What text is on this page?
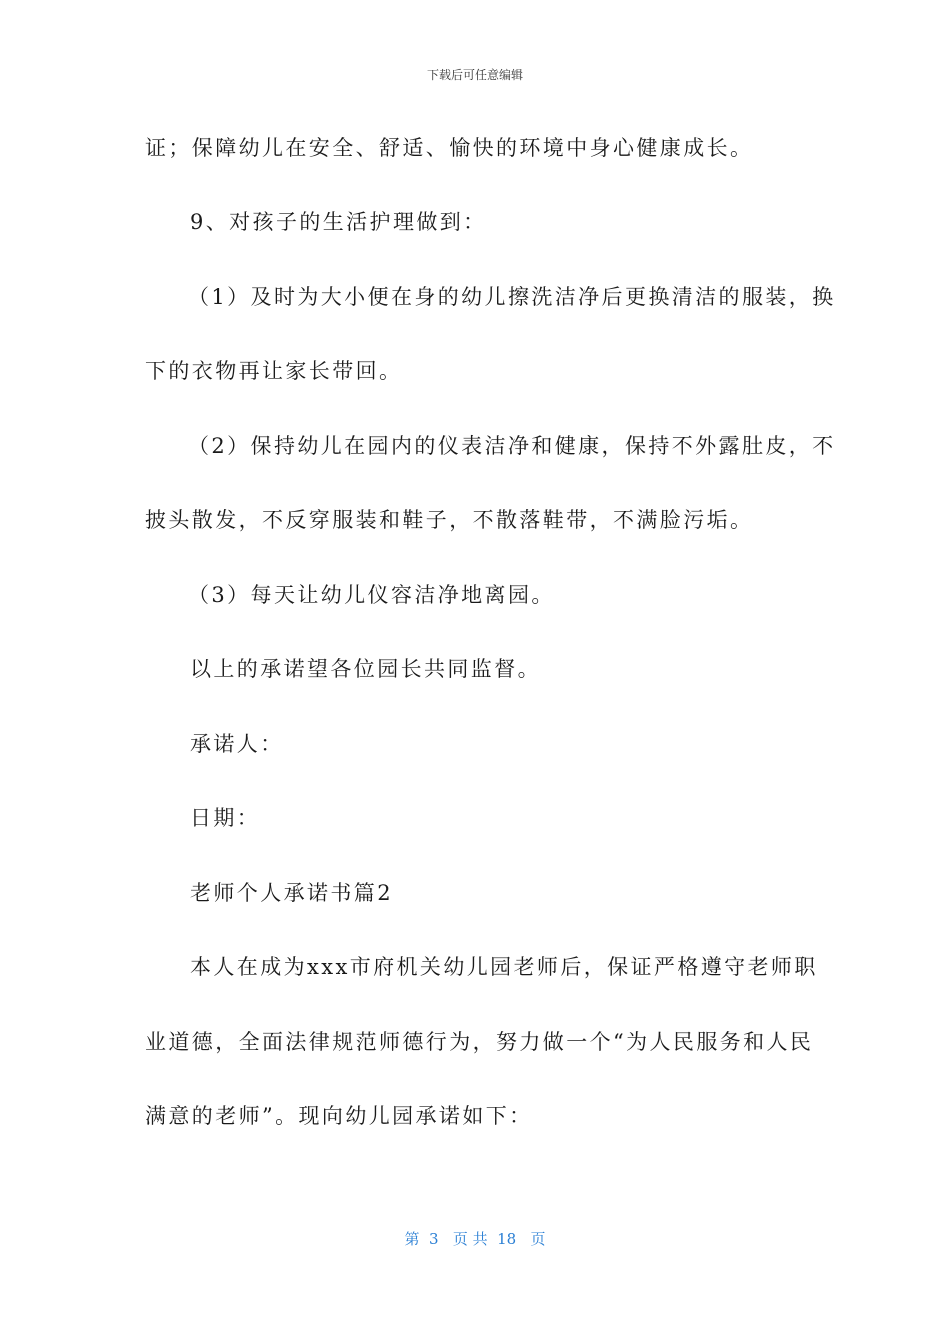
下载后可任意编辑
证；保障幼儿在安全、舒适、愉快的环境中身心健康成长。
9、对孩子的生活护理做到：
（1）及时为大小便在身的幼儿擦洗洁净后更换清洁的服装，换
下的衣物再让家长带回。
（2）保持幼儿在园内的仪表洁净和健康，保持不外露肚皮，不
披头散发，不反穿服装和鞋子，不散落鞋带，不满脸污垢。
（3）每天让幼儿仪容洁净地离园。
以上的承诺望各位园长共同监督。
承诺人：
日期：
老师个人承诺书篇2
本人在成为xxx市府机关幼儿园老师后，保证严格遵守老师职
业道德，全面法律规范师德行为，努力做一个“为人民服务和人民
满意的老师”。现向幼儿园承诺如下：
第  3   页 共  18   页
